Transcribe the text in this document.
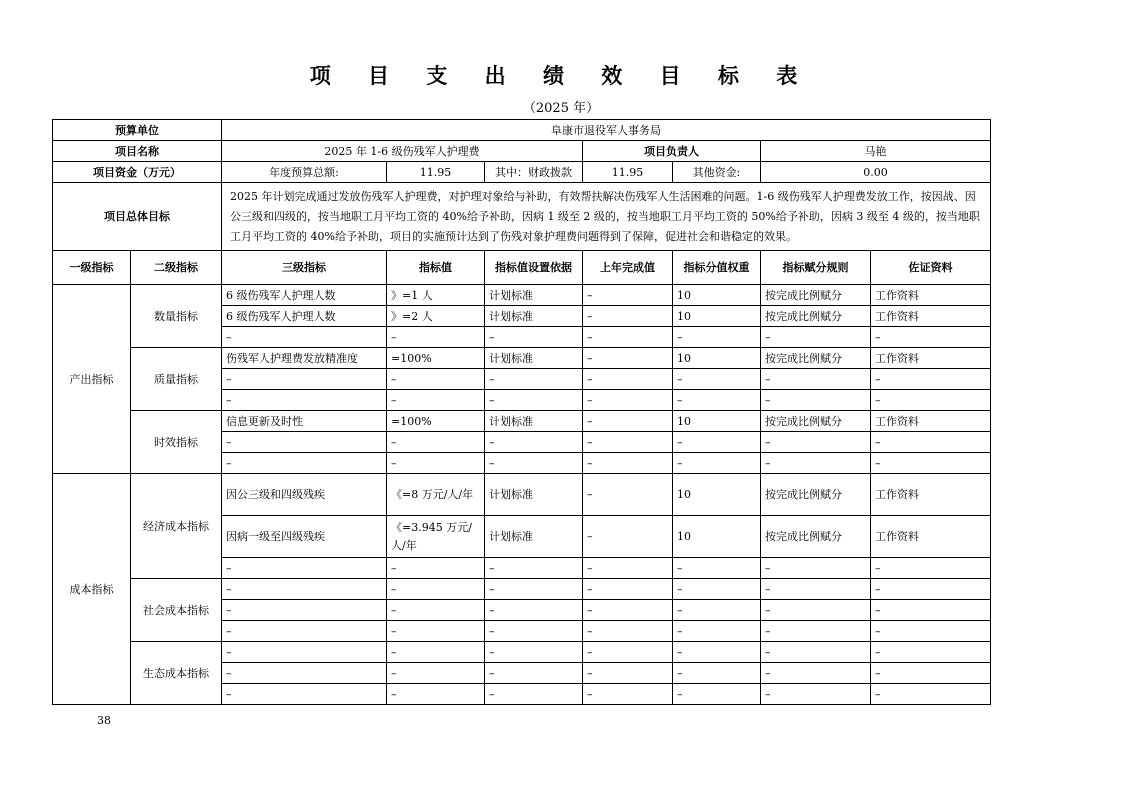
项 目 支 出 绩 效 目 标 表
（2025 年）
预算单位		阜康市退役军人事务局						
项目名称		2025 年 1-6 级伤残军人护理费			项目负责人		马艳	
项目资金（万元）		年度预算总额:	11.95	其中：财政拨款	11.95	其他资金:	0.00	
项目总体目标		2025 年计划完成通过发放伤残军人护理费，对护理对象给与补助，有效帮扶解决伤残军人生活困难的问题。1-6 级伤残军人护理费发放工作，按因战、因公三级和四级的，按当地职工月平均工资的 40%给予补助，因病 1 级至 2 级的，按当地职工月平均工资的 50%给予补助，因病 3 级至 4 级的，按当地职工月平均工资的 40%给予补助，项目的实施预计达到了伤残对象护理费问题得到了保障，促进社会和谐稳定的效果。						
一级指标	二级指标	三级指标	指标值	指标值设置依据	上年完成值	指标分值权重	指标赋分规则	佐证资料
产出指标	数量指标	6 级伤残军人护理人数	》=1 人	计划标准	–	10	按完成比例赋分	工作资料
		6 级伤残军人护理人数	》=2 人	计划标准	–	10	按完成比例赋分	工作资料
		–	–	–	–	–	–	–
	质量指标	伤残军人护理费发放精准度	=100%	计划标准	–	10	按完成比例赋分	工作资料
		–	–	–	–	–	–	–
		–	–	–	–	–	–	–
	时效指标	信息更新及时性	=100%	计划标准	–	10	按完成比例赋分	工作资料
		–	–	–	–	–	–	–
		–	–	–	–	–	–	–
成本指标	经济成本指标	因公三级和四级残疾	《=8 万元/人/年	计划标准	–	10	按完成比例赋分	工作资料
		因病一级至四级残疾	《=3.945 万元/人/年	计划标准	–	10	按完成比例赋分	工作资料
		–	–	–	–	–	–	–
	社会成本指标	–	–	–	–	–	–	–
		–	–	–	–	–	–	–
		–	–	–	–	–	–	–
	生态成本指标	–	–	–	–	–	–	–
		–	–	–	–	–	–	–
		–	–	–	–	–	–	–
38
